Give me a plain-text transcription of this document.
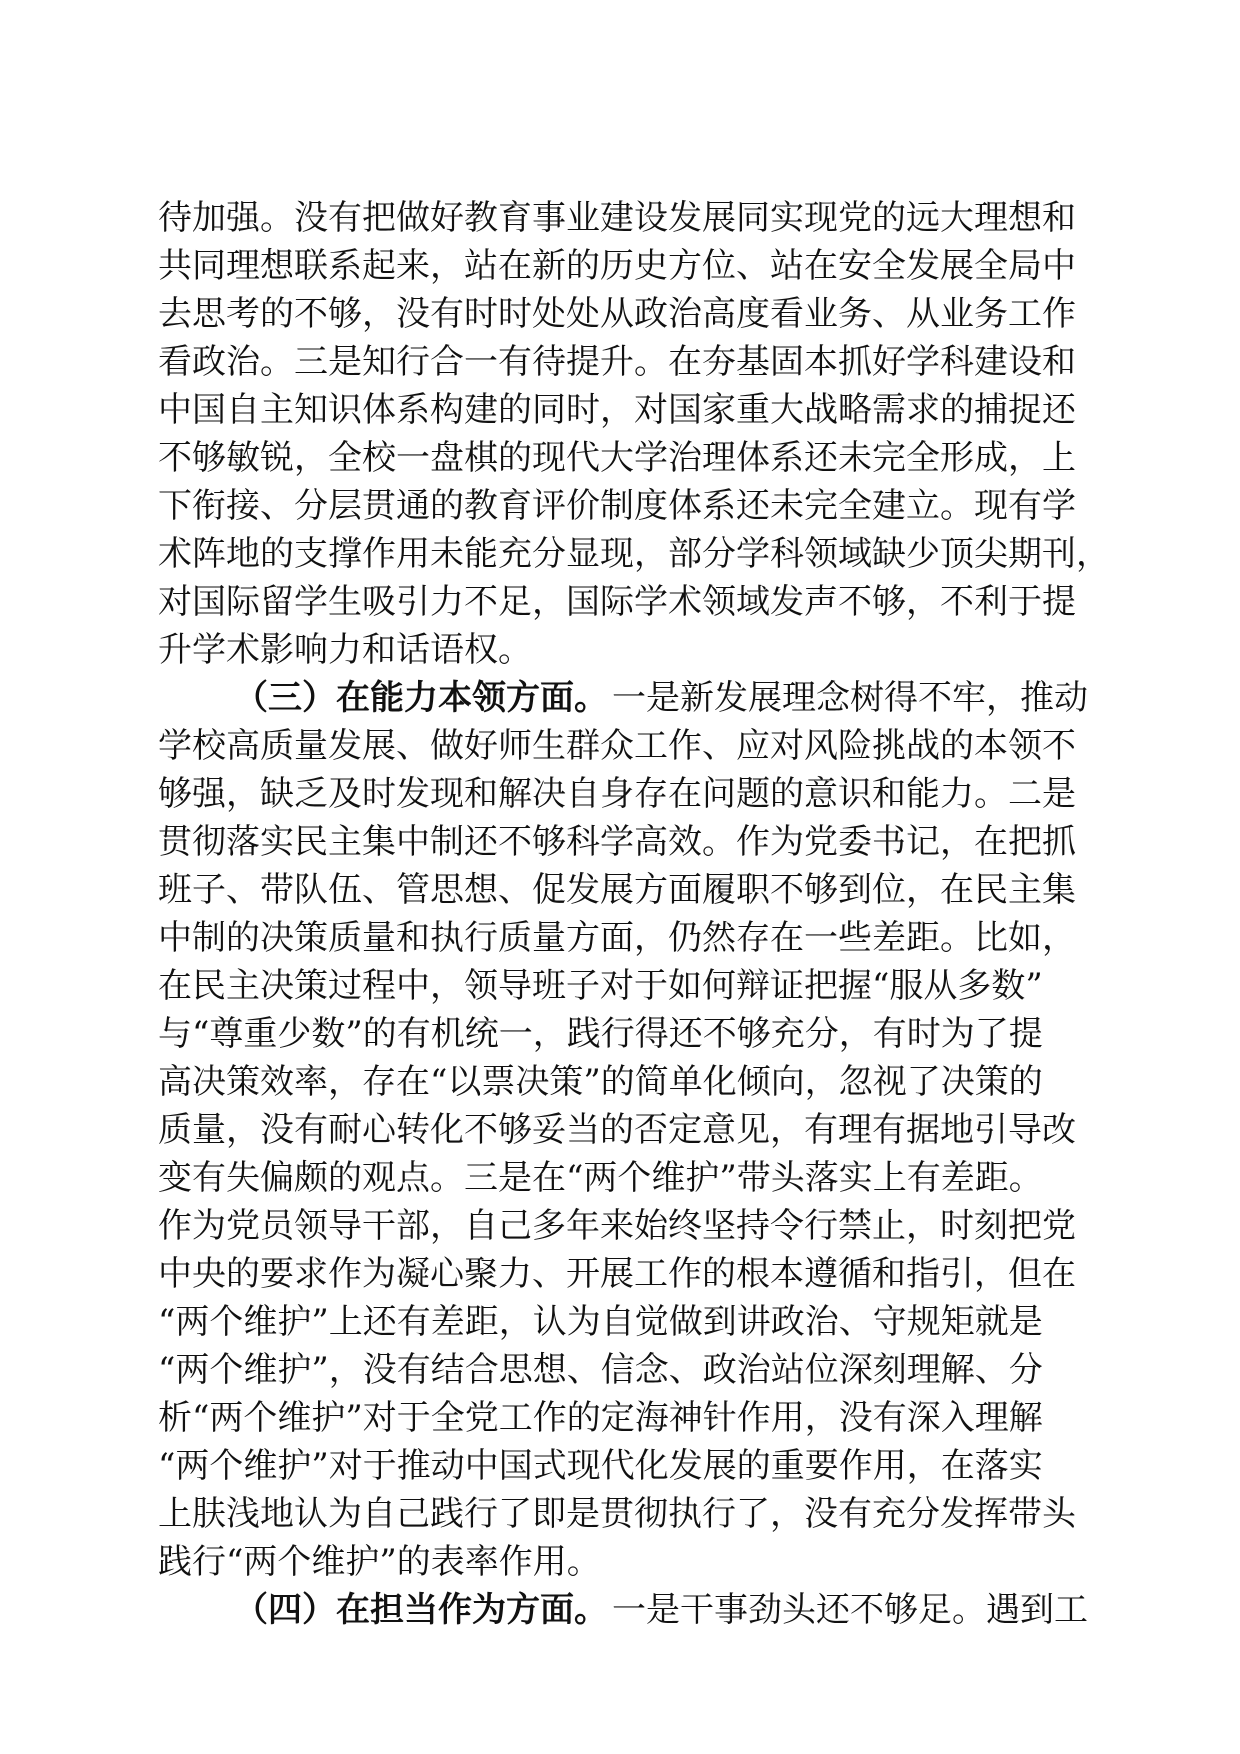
待加强。没有把做好教育事业建设发展同实现党的远大理想和
共同理想联系起来，站在新的历史方位、站在安全发展全局中
去思考的不够，没有时时处处从政治高度看业务、从业务工作
看政治。三是知行合一有待提升。在夯基固本抓好学科建设和
中国自主知识体系构建的同时，对国家重大战略需求的捕捉还
不够敏锐，全校一盘棋的现代大学治理体系还未完全形成，上
下衔接、分层贯通的教育评价制度体系还未完全建立。现有学
术阵地的支撑作用未能充分显现，部分学科领域缺少顶尖期刊，
对国际留学生吸引力不足，国际学术领域发声不够，不利于提
升学术影响力和话语权。
（三）在能力本领方面。 一是新发展理念树得不牢，推动
学校高质量发展、做好师生群众工作、应对风险挑战的本领不
够强，缺乏及时发现和解决自身存在问题的意识和能力。二是
贯彻落实民主集中制还不够科学高效。作为党委书记，在把抓
班子、带队伍、管思想、促发展方面履职不够到位，在民主集
中制的决策质量和执行质量方面，仍然存在一些差距。比如，
在民主决策过程中，领导班子对于如何辩证把握“服从多数”
与“尊重少数”的有机统一，践行得还不够充分，有时为了提
高决策效率，存在“以票决策”的简单化倾向，忽视了决策的
质量，没有耐心转化不够妥当的否定意见，有理有据地引导改
变有失偏颇的观点。三是在“两个维护”带头落实上有差距。
作为党员领导干部，自己多年来始终坚持令行禁止，时刻把党
中央的要求作为凝心聚力、开展工作的根本遵循和指引，但在
“两个维护”上还有差距，认为自觉做到讲政治、守规矩就是
“两个维护”，没有结合思想、信念、政治站位深刻理解、分
析“两个维护”对于全党工作的定海神针作用，没有深入理解
“两个维护”对于推动中国式现代化发展的重要作用，在落实
上肤浅地认为自己践行了即是贯彻执行了，没有充分发挥带头
践行“两个维护”的表率作用。
（四）在担当作为方面。 一是干事劲头还不够足。遇到工
